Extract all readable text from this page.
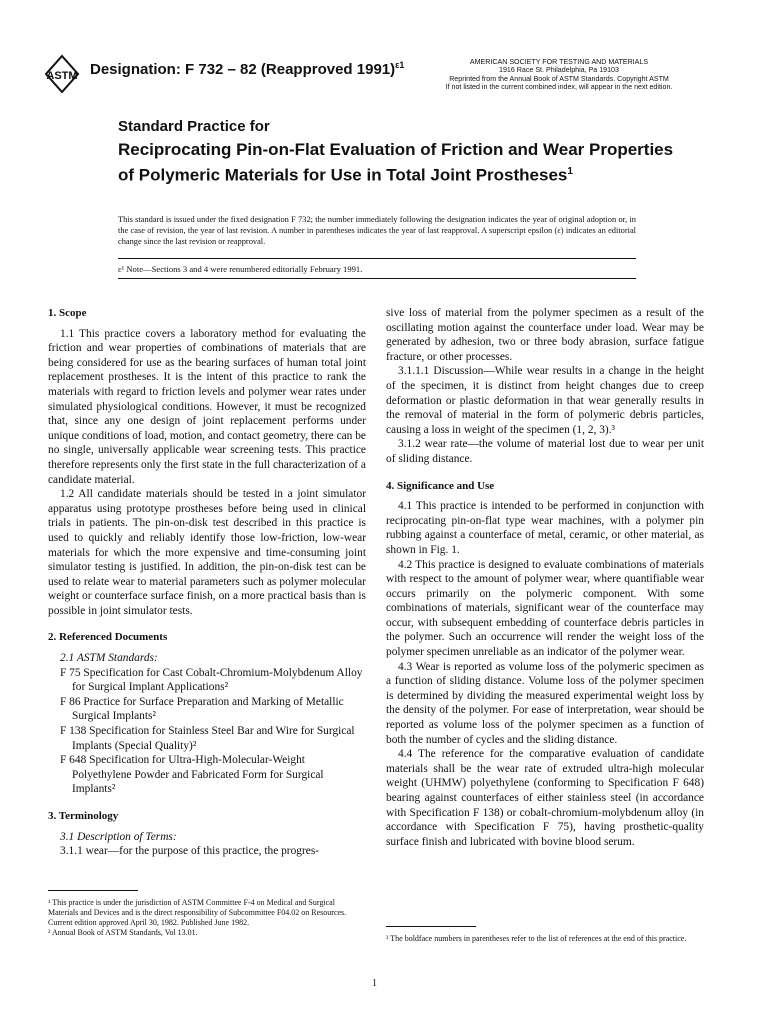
ASTM Designation: F 732 – 82 (Reapproved 1991)$^{\varepsilon 1}$	AMERICAN SOCIETY FOR TESTING AND MATERIALS
1916 Race St. Philadelphia, Pa 19103
Reprinted from the Annual Book of ASTM Standards. Copyright ASTM
If not listed in the current combined index, will appear in the next edition.
Standard Practice for
Reciprocating Pin-on-Flat Evaluation of Friction and Wear Properties of Polymeric Materials for Use in Total Joint Prostheses$^1$
This standard is issued under the fixed designation F 732; the number immediately following the designation indicates the year of original adoption or, in the case of revision, the year of last revision. A number in parentheses indicates the year of last reapproval. A superscript epsilon (ε) indicates an editorial change since the last revision or reapproval.
ε¹ Note—Sections 3 and 4 were renumbered editorially February 1991.

1. Scope

1.1 This practice covers a laboratory method for evaluating the friction and wear properties of combinations of materials that are being considered for use as the bearing surfaces of human total joint replacement prostheses. It is the intent of this practice to rank the materials with regard to friction levels and polymer wear rates under simulated physiological conditions. However, it must be recognized that, since any one design of joint replacement performs under unique conditions of load, motion, and contact geometry, there can be no single, universally applicable wear screening tests. This practice therefore represents only the first state in the full characterization of a candidate material.

1.2 All candidate materials should be tested in a joint simulator apparatus using prototype prostheses before being used in clinical trials in patients. The pin-on-disk test described in this practice is used to quickly and reliably identify those low-friction, low-wear materials for which the more expensive and time-consuming joint simulator testing is justified. In addition, the pin-on-disk test can be used to relate wear to material parameters such as polymer molecular weight or counterface surface finish, on a more practical basis than is possible in joint simulator tests.

2. Referenced Documents

2.1 ASTM Standards:

F 75 Specification for Cast Cobalt-Chromium-Molybdenum Alloy for Surgical Implant Applications²

F 86 Practice for Surface Preparation and Marking of Metallic Surgical Implants²

F 138 Specification for Stainless Steel Bar and Wire for Surgical Implants (Special Quality)²

F 648 Specification for Ultra-High-Molecular-Weight Polyethylene Powder and Fabricated Form for Surgical Implants²

3. Terminology

3.1 Description of Terms:

3.1.1 wear—for the purpose of this practice, the progres-

sive loss of material from the polymer specimen as a result of the oscillating motion against the counterface under load. Wear may be generated by adhesion, two or three body abrasion, surface fatigue fracture, or other processes.

3.1.1.1 Discussion—While wear results in a change in the height of the specimen, it is distinct from height changes due to creep deformation or plastic deformation in that wear generally results in the removal of material in the form of polymeric debris particles, causing a loss in weight of the specimen (1, 2, 3).³

3.1.2 wear rate—the volume of material lost due to wear per unit of sliding distance.

4. Significance and Use

4.1 This practice is intended to be performed in conjunction with reciprocating pin-on-flat type wear machines, with a polymer pin rubbing against a counterface of metal, ceramic, or other material, as shown in Fig. 1.

4.2 This practice is designed to evaluate combinations of materials with respect to the amount of polymer wear, where quantifiable wear occurs primarily on the polymeric component. With some combinations of materials, significant wear of the counterface may occur, with subsequent embedding of counterface debris particles in the polymer. Such an occurrence will render the weight loss of the polymer specimen unreliable as an indicator of the polymer wear.

4.3 Wear is reported as volume loss of the polymeric specimen as a function of sliding distance. Volume loss of the polymer specimen is determined by dividing the measured experimental weight loss by the density of the polymer. For ease of interpretation, wear should be reported as volume loss of the polymer specimen as a function of both the number of cycles and the sliding distance.

4.4 The reference for the comparative evaluation of candidate materials shall be the wear rate of extruded ultra-high molecular weight (UHMW) polyethylene (conforming to Specification F 648) bearing against counterfaces of either stainless steel (in accordance with Specification F 138) or cobalt-chromium-molybdenum alloy (in accordance with Specification F 75), having prosthetic-quality surface finish and lubricated with bovine blood serum.

¹ This practice is under the jurisdiction of ASTM Committee F-4 on Medical and Surgical Materials and Devices and is the direct responsibility of Subcommittee F04.02 on Resources.

Current edition approved April 30, 1982. Published June 1982.

² Annual Book of ASTM Standards, Vol 13.01.

³ The boldface numbers in parentheses refer to the list of references at the end of this practice.

1
